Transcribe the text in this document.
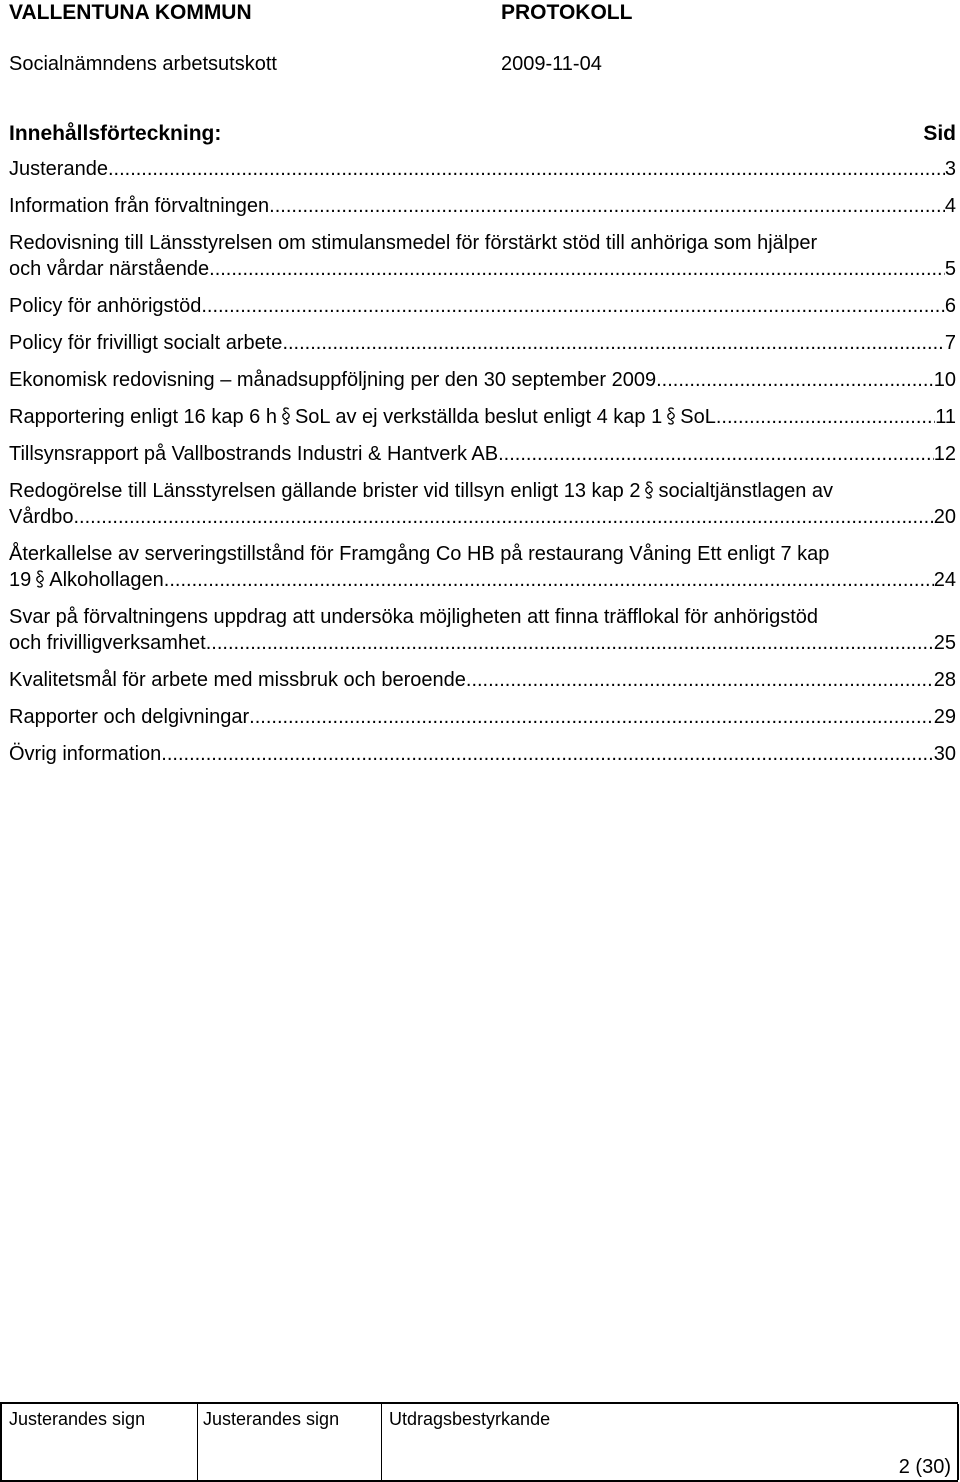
VALLENTUNA KOMMUN	PROTOKOLL
Socialnämndens arbetsutskott	2009-11-04
Innehållsförteckning:	Sid
Justerande .....	3
Information från förvaltningen .....	4
Redovisning till Länsstyrelsen om stimulansmedel för förstärkt stöd till anhöriga som hjälper
och vårdar närstående .....	5
Policy för anhörigstöd .....	6
Policy för frivilligt socialt arbete .....	7
Ekonomisk redovisning – månadsuppföljning per den 30 september 2009 .....	10
Rapportering enligt 16 kap 6 h SoL av ej verkställda beslut enligt 4 kap 1 SoL .....	11
Tillsynsrapport på Vallbostrands Industri & Hantverk AB .....	12
Redogörelse till Länsstyrelsen gällande brister vid tillsyn enligt 13 kap 2 socialtjänstlagen av
Vårdbo .....	20
Återkallelse av serveringstillstånd för Framgång Co HB på restaurang Våning Ett enligt 7 kap
19 Alkohollagen .....	24
Svar på förvaltningens uppdrag att undersöka möjligheten att finna träfflokal för anhörigstöd
och frivilligverksamhet .....	25
Kvalitetsmål för arbete med missbruk och beroende .....	28
Rapporter och delgivningar .....	29
Övrig information .....	30
Justerandes sign	Justerandes sign	Utdragsbestyrkande
2 (30)
